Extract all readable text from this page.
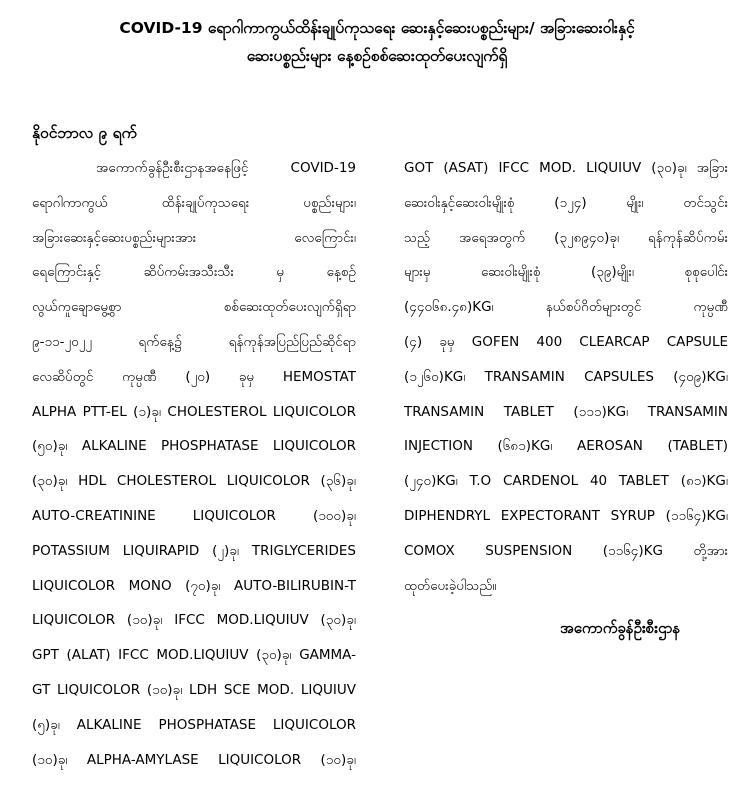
COVID-19 ရောဂါကာကွယ်ထိန်းချုပ်ကုသရေး ဆေးနှင့်ဆေးပစ္စည်းများ/ အခြားဆေးဝါးနှင့်
ဆေးပစ္စည်းများ နေ့စဉ်စစ်ဆေးထုတ်ပေးလျက်ရှိ
နိုဝင်ဘာလ ၉ ရက်
အကောက်ခွန်ဦးစီးဌာနအနေဖြင့် COVID-19
ရောဂါကာကွယ် ထိန်းချုပ်ကုသရေး ပစ္စည်းများ၊
အခြားဆေးနှင့်ဆေးပစ္စည်းများအား လေကြောင်း၊
ရေကြောင်းနှင့် ဆိပ်ကမ်းအသီးသီး မှ နေ့စဉ်
လွယ်ကူချောမွေ့စွာ စစ်ဆေးထုတ်ပေးလျက်ရှိရာ
၉-၁၁-၂၀၂၂ ရက်နေ့၌ ရန်ကုန်အပြည်ပြည်ဆိုင်ရာ
လေဆိပ်တွင် ကုမ္ပဏီ (၂၀) ခုမှ HEMOSTAT
ALPHA PTT-EL (၁)ခု၊ CHOLESTEROL LIQUICOLOR
(၅၀)ခု၊ ALKALINE PHOSPHATASE LIQUICOLOR
(၃၀)ခု၊ HDL CHOLESTEROL LIQUICOLOR (၃၆)ခု၊
AUTO-CREATININE LIQUICOLOR (၁၀၀)ခု၊
POTASSIUM LIQUIRAPID (၂)ခု၊ TRIGLYCERIDES
LIQUICOLOR MONO (၇၀)ခု၊ AUTO-BILIRUBIN-T
LIQUICOLOR (၁၀)ခု၊ IFCC MOD.LIQUIUV (၃၀)ခု၊
GPT (ALAT) IFCC MOD.LIQUIUV (၃၀)ခု၊ GAMMA-
GT LIQUICOLOR (၁၀)ခု၊ LDH SCE MOD. LIQUIUV
(၅)ခု၊ ALKALINE PHOSPHATASE LIQUICOLOR
(၁၀)ခု၊ ALPHA-AMYLASE LIQUICOLOR (၁၀)ခု၊
GOT (ASAT) IFCC MOD. LIQUIUV (၃၀)ခု၊ အခြား
ဆေးဝါးနှင့်ဆေးဝါးမျိုးစုံ (၁၂၄) မျိုး၊ တင်သွင်း
သည့် အရေအတွက် (၃၂၈၉၄၀)ခု၊ ရန်ကုန်ဆိပ်ကမ်း
များမှ ဆေးဝါးမျိုးစုံ (၃၉)မျိုး၊ စုစုပေါင်း
(၄၄၀၆၈.၄၈)KG၊ နယ်စပ်ဂိတ်များတွင် ကုမ္ပဏီ
(၄) ခုမှ GOFEN 400 CLEARCAP CAPSULE
(၁၂၆၀)KG၊ TRANSAMIN CAPSULES (၄၀၉)KG၊
TRANSAMIN TABLET (၁၁၁)KG၊ TRANSAMIN
INJECTION (၆၈၁)KG၊ AEROSAN (TABLET)
(၂၄၀)KG၊ T.O CARDENOL 40 TABLET (၈၁)KG၊
DIPHENDRYL EXPECTORANT SYRUP (၁၁၆၄)KG၊
COMOX SUSPENSION (၁၁၆၄)KG တို့အား
ထုတ်ပေးခဲ့ပါသည်။
အကောက်ခွန်ဦးစီးဌာန
